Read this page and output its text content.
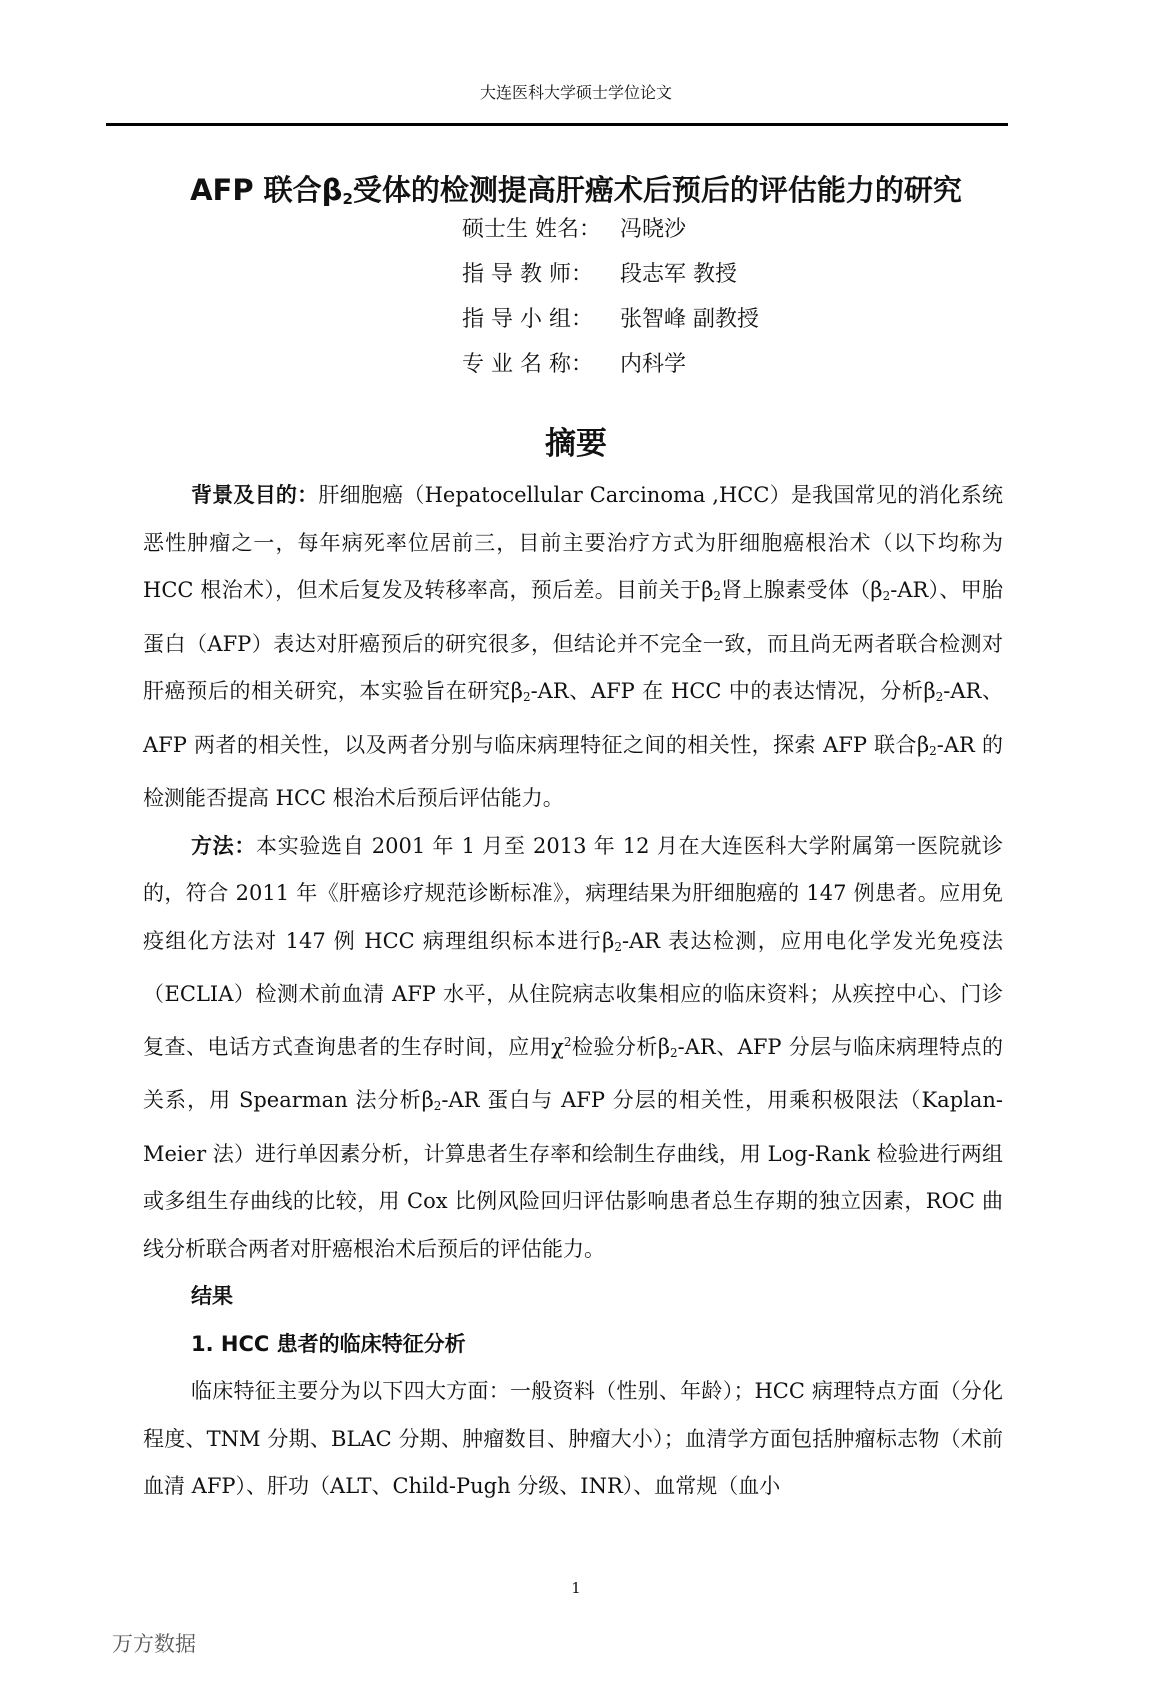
大连医科大学硕士学位论文
AFP 联合$\beta_2$受体的检测提高肝癌术后预后的评估能力的研究
硕士生 姓名： 冯晓沙
指 导 教 师： 段志军 教授
指 导 小 组： 张智峰 副教授
专 业 名 称： 内科学
摘要

背景及目的：肝细胞癌（Hepatocellular Carcinoma ,HCC）是我国常见的消化系统恶性肿瘤之一，每年病死率位居前三，目前主要治疗方式为肝细胞癌根治术（以下均称为HCC 根治术），但术后复发及转移率高，预后差。目前关于β2肾上腺素受体（β2-AR）、甲胎蛋白（AFP）表达对肝癌预后的研究很多，但结论并不完全一致，而且尚无两者联合检测对肝癌预后的相关研究，本实验旨在研究β2-AR、AFP 在 HCC 中的表达情况，分析β2-AR、AFP 两者的相关性，以及两者分别与临床病理特征之间的相关性，探索 AFP 联合β2-AR 的检测能否提高 HCC 根治术后预后评估能力。

方法：本实验选自 2001 年 1 月至 2013 年 12 月在大连医科大学附属第一医院就诊的，符合 2011 年《肝癌诊疗规范诊断标准》，病理结果为肝细胞癌的 147 例患者。应用免疫组化方法对 147 例 HCC 病理组织标本进行β2-AR 表达检测，应用电化学发光免疫法（ECLIA）检测术前血清 AFP 水平，从住院病志收集相应的临床资料；从疾控中心、门诊复查、电话方式查询患者的生存时间，应用$\chi^2$检验分析β2-AR、AFP 分层与临床病理特点的关系，用 Spearman 法分析β2-AR 蛋白与 AFP 分层的相关性，用乘积极限法（Kaplan-Meier 法）进行单因素分析，计算患者生存率和绘制生存曲线，用 Log-Rank 检验进行两组或多组生存曲线的比较，用 Cox 比例风险回归评估影响患者总生存期的独立因素，ROC 曲线分析联合两者对肝癌根治术后预后的评估能力。

结果

1. HCC 患者的临床特征分析

临床特征主要分为以下四大方面：一般资料（性别、年龄）；HCC 病理特点方面（分化程度、TNM 分期、BLAC 分期、肿瘤数目、肿瘤大小）；血清学方面包括肿瘤标志物（术前血清 AFP）、肝功（ALT、Child-Pugh 分级、INR）、血常规（血小

1
万方数据
